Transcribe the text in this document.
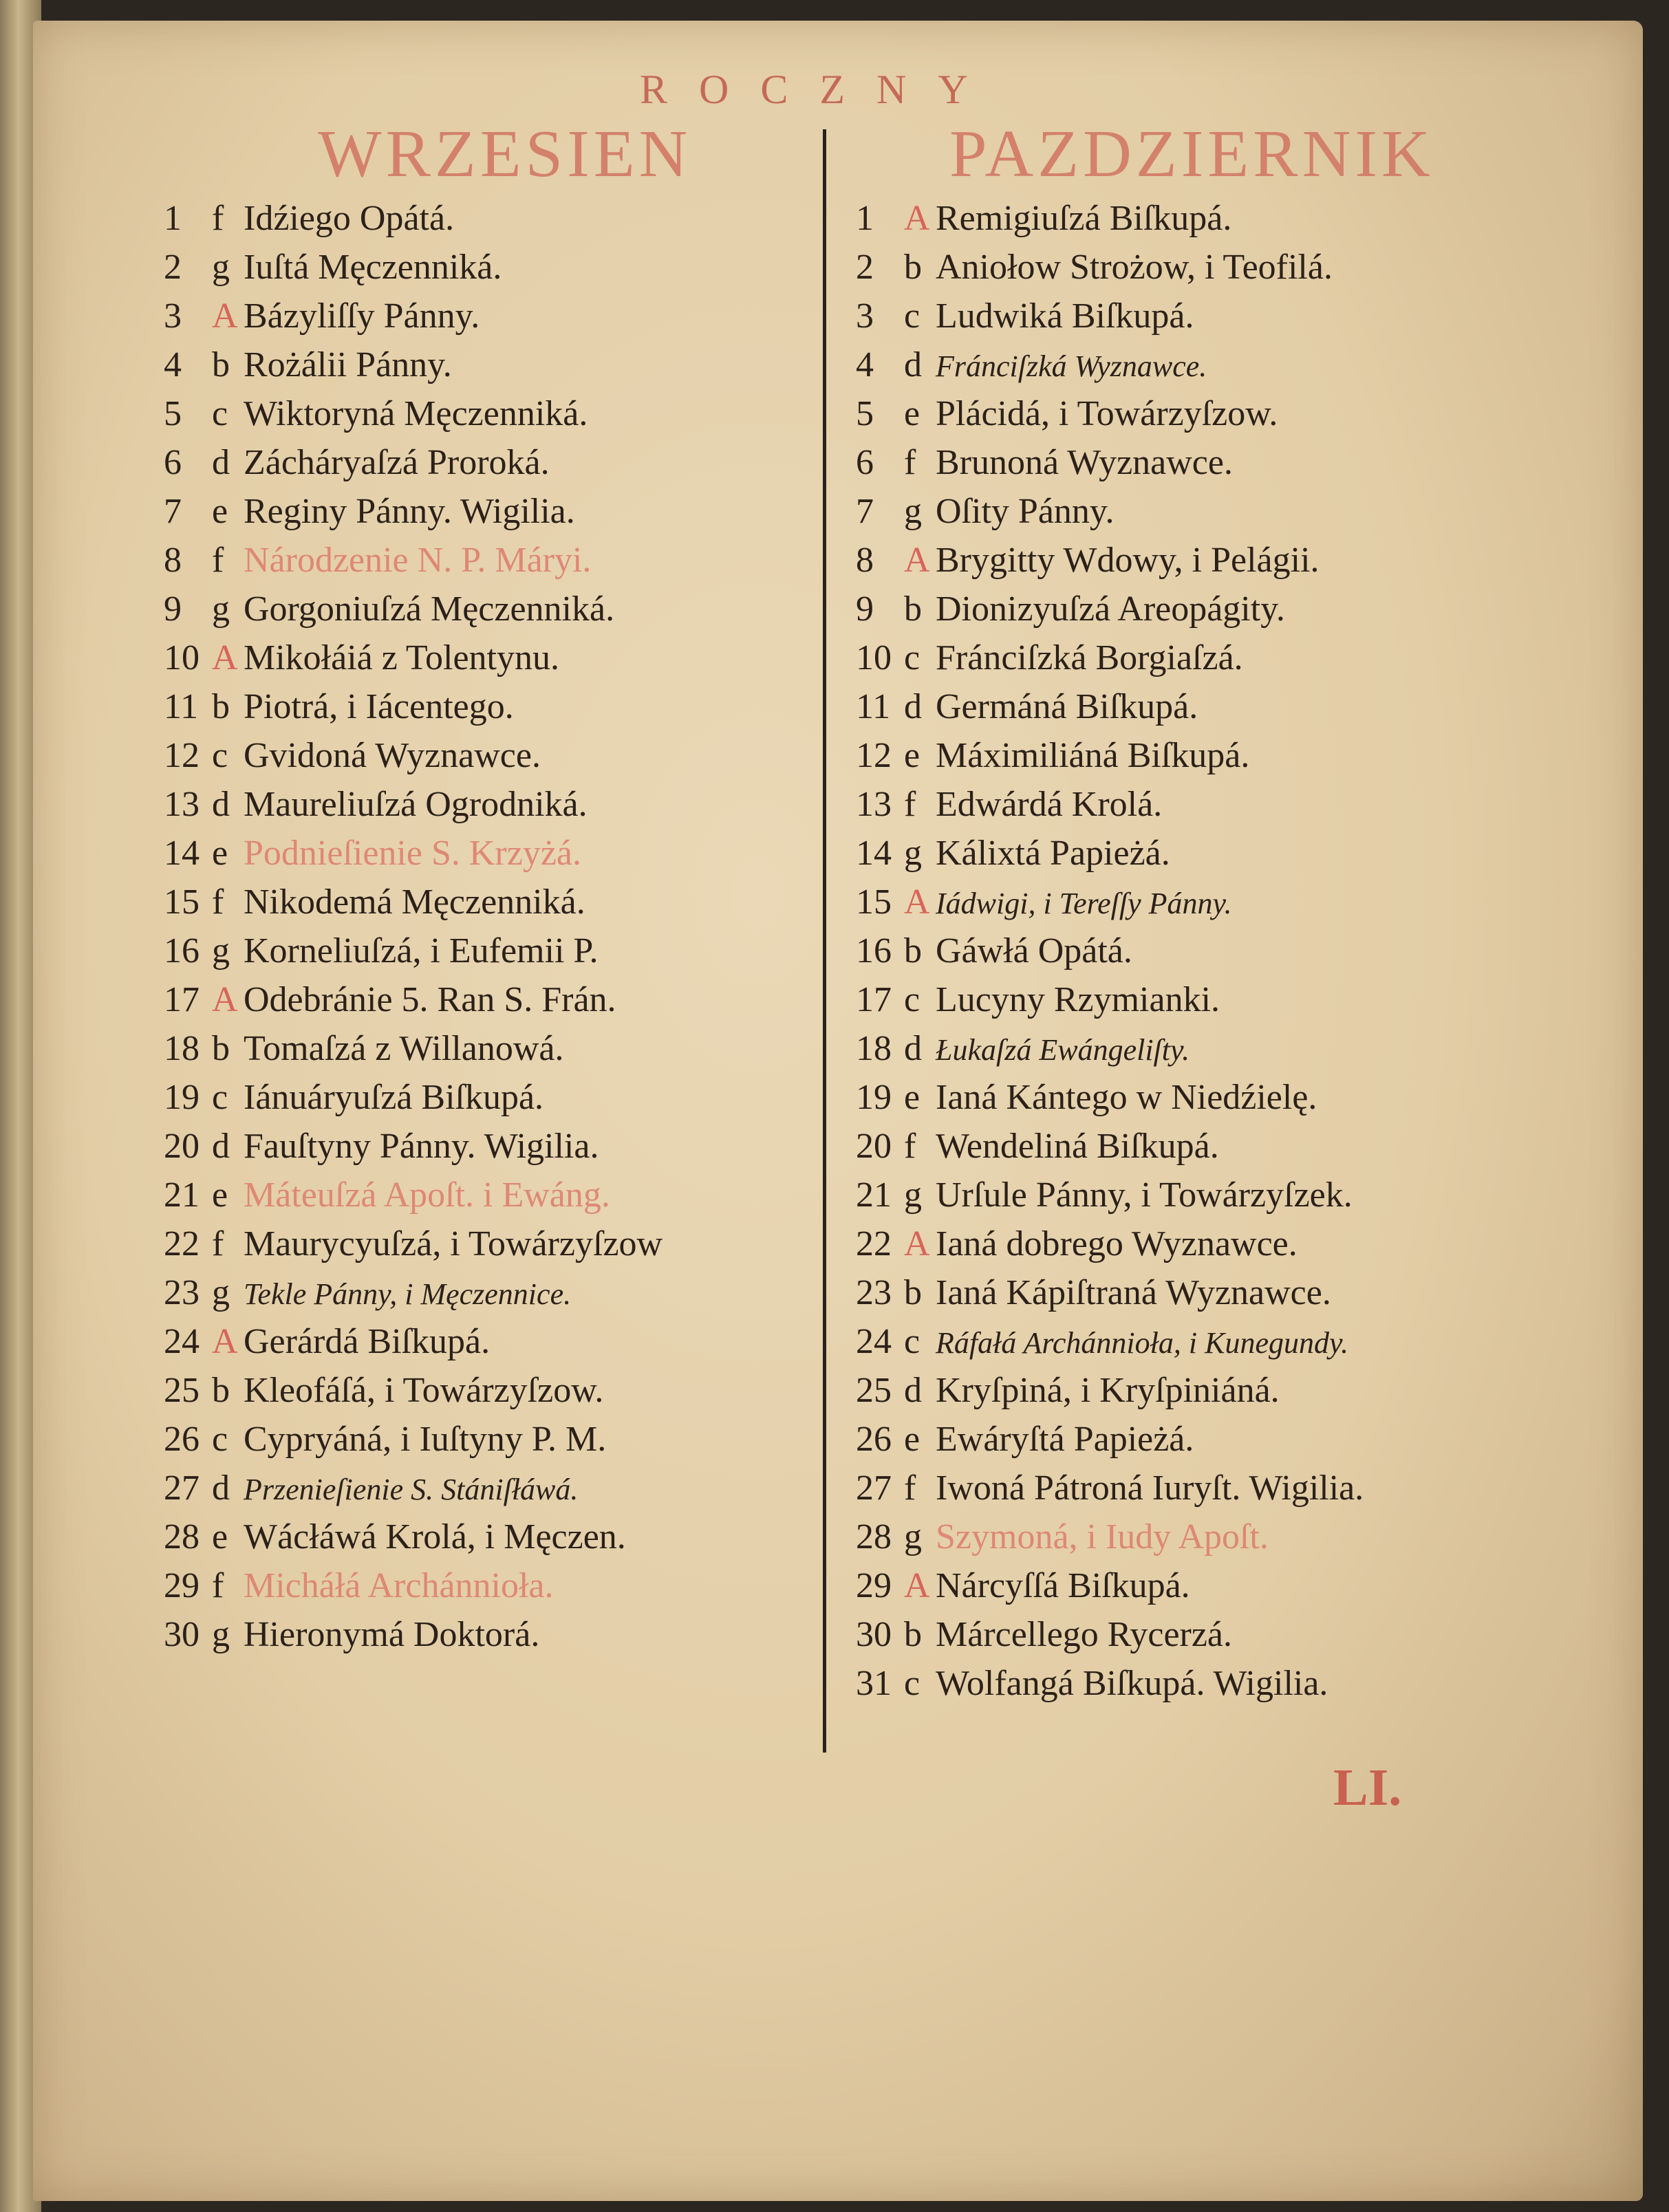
ROCZNY
WRZESIEN	PAZDZIERNIK
1 f Idźiego Opátá.
2 g Iuſtá Męczenniká.
3 A Bázyliſſy Pánny.
4 b Rożálii Pánny.
5 c Wiktoryná Męczenniká.
6 d Zácháryaſzá Proroká.
7 e Reginy Pánny. Wigilia.
8 f Národzenie N. P. Máryi.
9 g Gorgoniuſzá Męczenniká.
10 A Mikołáiá z Tolentynu.
11 b Piotrá, i Iácentego.
12 c Gvidoná Wyznawce.
13 d Maureliuſzá Ogrodniká.
14 e Podnieſienie S. Krzyżá.
15 f Nikodemá Męczenniká.
16 g Korneliuſzá, i Eufemii P.
17 A Odebránie 5. Ran S. Frán.
18 b Tomaſzá z Willanowá.
19 c Iánuáryuſzá Biſkupá.
20 d Fauſtyny Pánny. Wigilia.
21 e Máteuſzá Apoſt. i Ewáng.
22 f Maurycyuſzá, i Towárzyſzow
23 g Tekle Pánny, i Męczennice.
24 A Gerárdá Biſkupá.
25 b Kleofáſá, i Towárzyſzow.
26 c Cypryáná, i Iuſtyny P. M.
27 d Przenieſienie S. Stániſłáwá.
28 e Wácłáwá Krolá, i Męczen.
29 f Micháłá Archánnioła.
30 g Hieronymá Doktorá.
1 A Remigiuſzá Biſkupá.
2 b Aniołow Strożow, i Teofilá.
3 c Ludwiká Biſkupá.
4 d Fránciſzká Wyznawce.
5 e Plácidá, i Towárzyſzow.
6 f Brunoná Wyznawce.
7 g Oſity Pánny.
8 A Brygitty Wdowy, i Pelágii.
9 b Dionizyuſzá Areopágity.
10 c Fránciſzká Borgiaſzá.
11 d Germáná Biſkupá.
12 e Máximiliáná Biſkupá.
13 f Edwárdá Krolá.
14 g Kálixtá Papieżá.
15 A Iádwigi, i Tereſſy Pánny.
16 b Gáwłá Opátá.
17 c Lucyny Rzymianki.
18 d Łukaſzá Ewángeliſty.
19 e Ianá Kántego w Niedźielę.
20 f Wendeliná Biſkupá.
21 g Urſule Pánny, i Towárzyſzek.
22 A Ianá dobrego Wyznawce.
23 b Ianá Kápiſtraná Wyznawce.
24 c Ráfałá Archánnioła, i Kunegundy.
25 d Kryſpiná, i Kryſpiniáná.
26 e Ewáryſtá Papieżá.
27 f Iwoná Pátroná Iuryſt. Wigilia.
28 g Szymoná, i Iudy Apoſt.
29 A Nárcyſſá Biſkupá.
30 b Márcellego Rycerzá.
31 c Wolfangá Biſkupá. Wigilia.
LI.
